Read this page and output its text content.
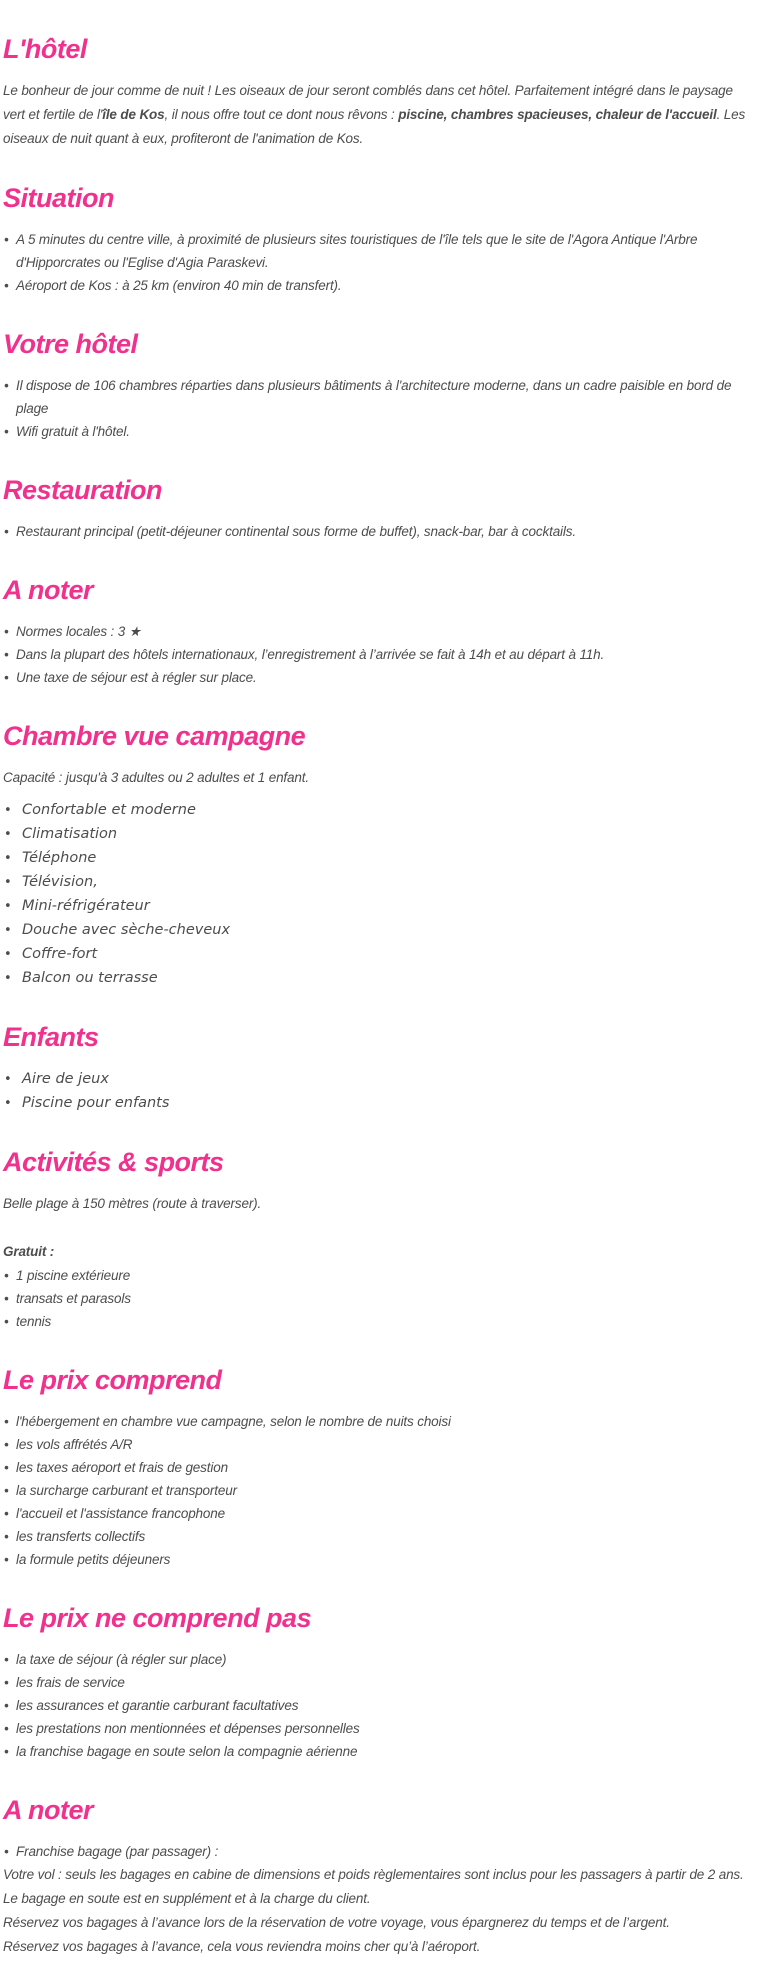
L'hôtel

Le bonheur de jour comme de nuit ! Les oiseaux de jour seront comblés dans cet hôtel. Parfaitement intégré dans le paysage vert et fertile de l'île de Kos, il nous offre tout ce dont nous rêvons : piscine, chambres spacieuses, chaleur de l'accueil. Les oiseaux de nuit quant à eux, profiteront de l'animation de Kos.

Situation
• A 5 minutes du centre ville, à proximité de plusieurs sites touristiques de l'île tels que le site de l'Agora Antique l'Arbre d'Hipporcrates ou l'Eglise d'Agia Paraskevi.
• Aéroport de Kos : à 25 km (environ 40 min de transfert).
Votre hôtel
• Il dispose de 106 chambres réparties dans plusieurs bâtiments à l'architecture moderne, dans un cadre paisible en bord de plage
• Wifi gratuit à l'hôtel.
Restauration
• Restaurant principal (petit-déjeuner continental sous forme de buffet), snack-bar, bar à cocktails.
A noter
• Normes locales : 3 ★
• Dans la plupart des hôtels internationaux, l’enregistrement à l’arrivée se fait à 14h et au départ à 11h.
• Une taxe de séjour est à régler sur place.
Chambre vue campagne

Capacité : jusqu'à 3 adultes ou 2 adultes et 1 enfant.

• Confortable et moderne
• Climatisation
• Téléphone
• Télévision,
• Mini-réfrigérateur
• Douche avec sèche-cheveux
• Coffre-fort
• Balcon ou terrasse
Enfants
• Aire de jeux
• Piscine pour enfants
Activités & sports

Belle plage à 150 mètres (route à traverser).

Gratuit :

• 1 piscine extérieure
• transats et parasols
• tennis
Le prix comprend
• l'hébergement en chambre vue campagne, selon le nombre de nuits choisi
• les vols affrétés A/R
• les taxes aéroport et frais de gestion
• la surcharge carburant et transporteur
• l'accueil et l'assistance francophone
• les transferts collectifs
• la formule petits déjeuners
Le prix ne comprend pas
• la taxe de séjour (à régler sur place)
• les frais de service
• les assurances et garantie carburant facultatives
• les prestations non mentionnées et dépenses personnelles
• la franchise bagage en soute selon la compagnie aérienne
A noter
• Franchise bagage (par passager) :
Votre vol : seuls les bagages en cabine de dimensions et poids règlementaires sont inclus pour les passagers à partir de 2 ans.
Le bagage en soute est en supplément et à la charge du client.
Réservez vos bagages à l’avance lors de la réservation de votre voyage, vous épargnerez du temps et de l’argent.
Réservez vos bagages à l’avance, cela vous reviendra moins cher qu’à l’aéroport.
